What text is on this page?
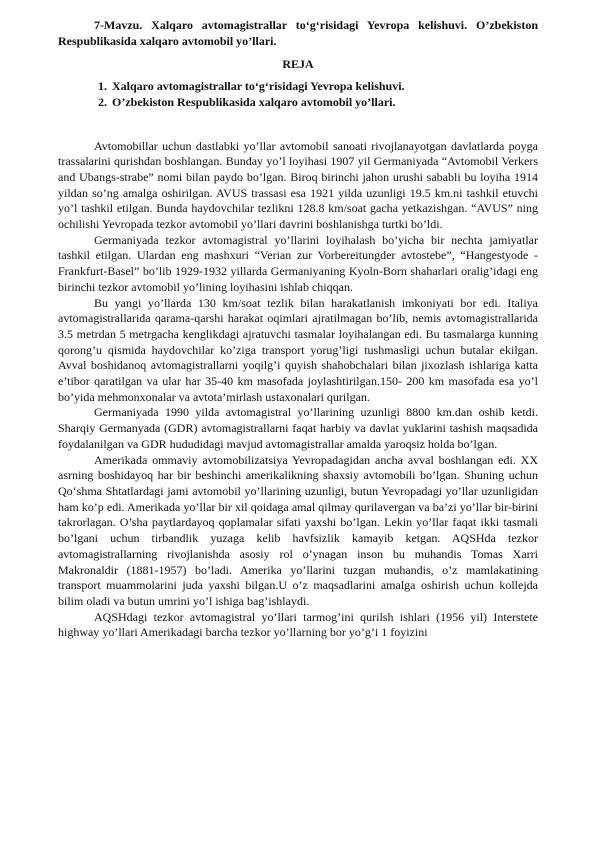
7-Mavzu. Xalqaro avtomagistrallar to‘g‘risidagi Yevropa kelishuvi. O’zbekiston Respublikasida xalqaro avtomobil yo’llari.

REJA
1. Xalqaro avtomagistrallar to‘g‘risidagi Yevropa kelishuvi.
2. O’zbekiston Respublikasida xalqaro avtomobil yo’llari.

Avtomobillar uchun dastlabki yo’llar avtomobil sanoati rivojlanayotgan davlatlarda poyga trassalarini qurishdan boshlangan. Bunday yo’l loyihasi 1907 yil Germaniyada “Avtomobil Verkers and Ubangs-strabe” nomi bilan paydo bo’lgan. Biroq birinchi jahon urushi sababli bu loyiha 1914 yildan so’ng amalga oshirilgan. AVUS trassasi esa 1921 yilda uzunligi 19.5 km.ni tashkil etuvchi yo’l tashkil etilgan. Bunda haydovchilar tezlikni 128.8 km/soat gacha yetkazishgan. “AVUS” ning ochilishi Yevropada tezkor avtomobil yo’llari davrini boshlanishga turtki bo’ldi.

Germaniyada tezkor avtomagistral yo’llarini loyihalash bo’yicha bir nechta jamiyatlar tashkil etilgan. Ulardan eng mashxuri “Verian zur Vorbereitungder avtostebe”, “Hangestyode - Frankfurt-Basel” bo’lib 1929-1932 yillarda Germaniyaning Kyoln-Born shaharlari oralig’idagi eng birinchi tezkor avtomobil yo’lining loyihasini ishlab chiqqan.

Bu yangi yo’llarda 130 km/soat tezlik bilan harakatlanish imkoniyati bor edi. Italiya avtomagistrallarida qarama-qarshi harakat oqimlari ajratilmagan bo’lib, nemis avtomagistrallarida 3.5 metrdan 5 metrgacha kenglikdagi ajratuvchi tasmalar loyihalangan edi. Bu tasmalarga kunning qorong’u qismida haydovchilar ko’ziga transport yorug’ligi tushmasligi uchun butalar ekilgan. Avval boshidanoq avtomagistrallarni yoqilg’i quyish shahobchalari bilan jixozlash ishlariga katta e’tibor qaratilgan va ular har 35-40 km masofada joylashtirilgan.150- 200 km masofada esa yo’l bo’yida mehmonxonalar va avtota’mirlash ustaxonalari qurilgan.

Germaniyada 1990 yilda avtomagistral yo’llarining uzunligi 8800 km.dan oshib ketdi. Sharqiy Germanyada (GDR) avtomagistrallarni faqat harbiy va davlat yuklarini tashish maqsadida foydalanilgan va GDR hududidagi mavjud avtomagistrallar amalda yaroqsiz holda bo’lgan.

Amerikada ommaviy avtomobilizatsiya Yevropadagidan ancha avval boshlangan edi. XX asrning boshidayoq har bir beshinchi amerikalikning shaxsiy avtomobili bo’lgan. Shuning uchun Qo‘shma Shtatlardagi jami avtomobil yo’llarining uzunligi, butun Yevropadagi yo’llar uzunligidan ham ko’p edi. Amerikada yo’llar bir xil qoidaga amal qilmay qurilavergan va ba’zi yo’llar bir-birini takrorlagan. O’sha paytlardayoq qoplamalar sifati yaxshi bo’lgan. Lekin yo’llar faqat ikki tasmali bo’lgani uchun tirbandlik yuzaga kelib havfsizlik kamayib ketgan. AQSHda tezkor avtomagistrallarning rivojlanishda asosiy rol o’ynagan inson bu muhandis Tomas Xarri Makronaldir (1881-1957) bo’ladi. Amerika yo’llarini tuzgan muhandis, o’z mamlakatining transport muammolarini juda yaxshi bilgan.U o’z maqsadlarini amalga oshirish uchun kollejda bilim oladi va butun umrini yo’l ishiga bag’ishlaydi.

AQSHdagi tezkor avtomagistral yo’llari tarmog’ini qurilsh ishlari (1956 yil) Interstete highway yo’llari Amerikadagi barcha tezkor yo’llarning bor yo’g’i 1 foyizini
